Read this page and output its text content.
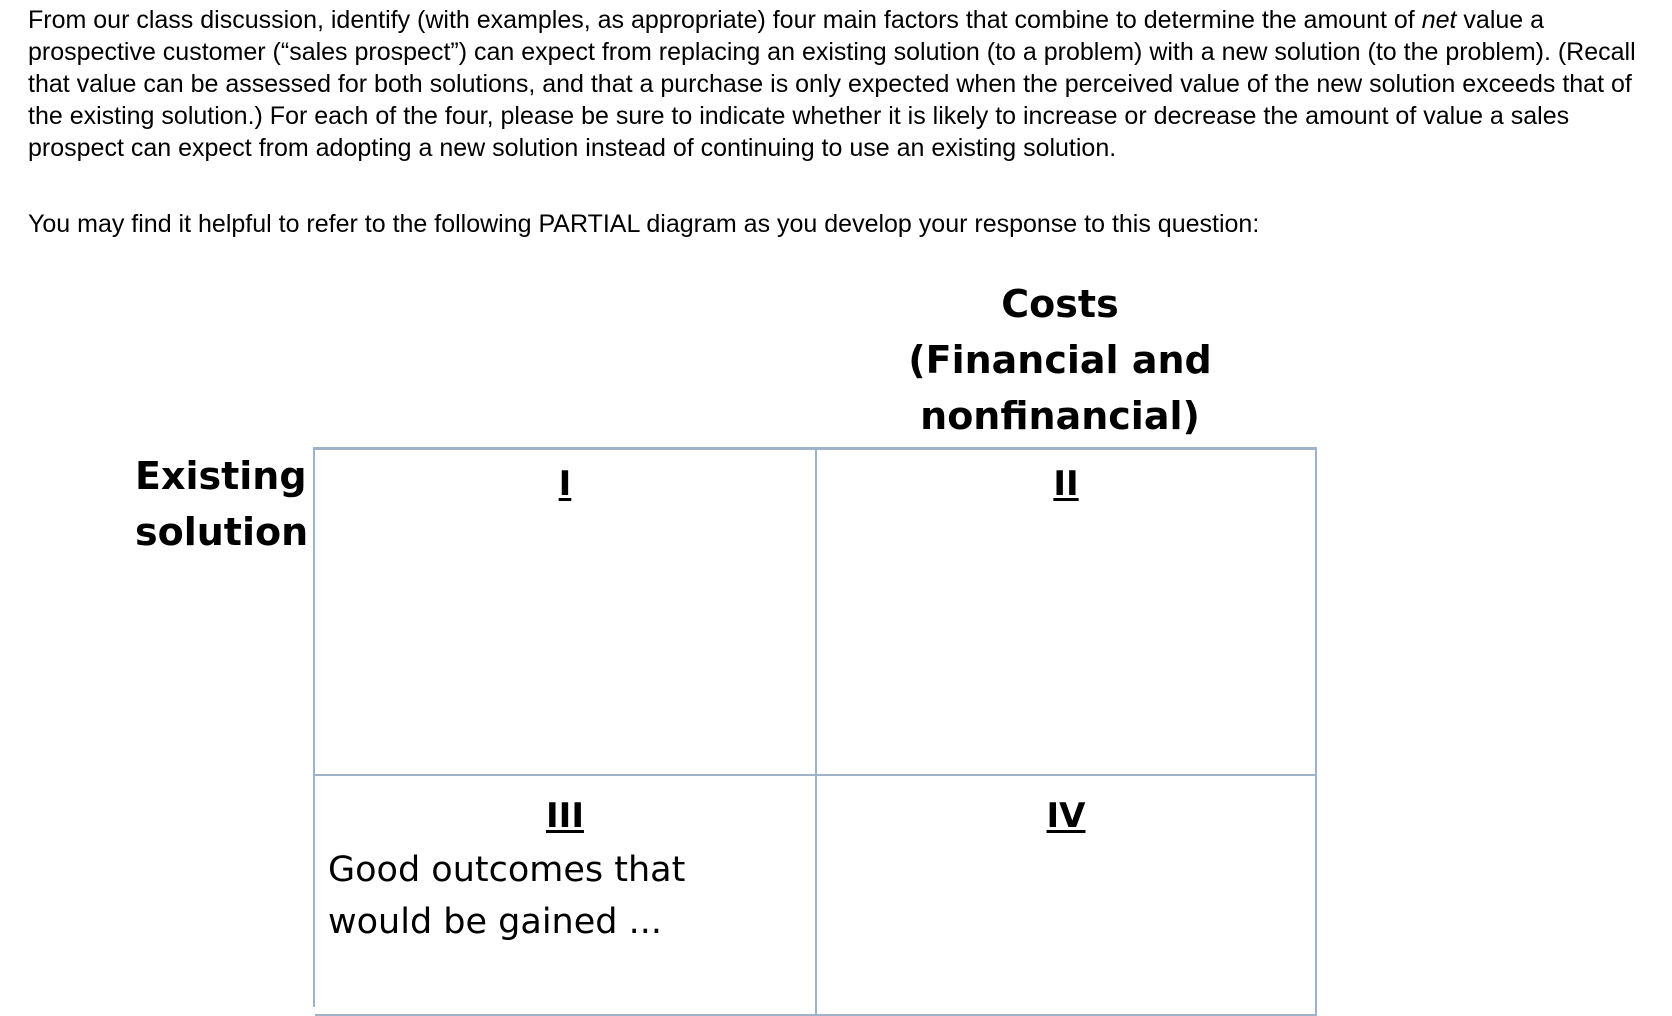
From our class discussion, identify (with examples, as appropriate) four main factors that combine to determine the amount of net value a prospective customer (“sales prospect”) can expect from replacing an existing solution (to a problem) with a new solution (to the problem). (Recall that value can be assessed for both solutions, and that a purchase is only expected when the perceived value of the new solution exceeds that of the existing solution.) For each of the four, please be sure to indicate whether it is likely to increase or decrease the amount of value a sales prospect can expect from adopting a new solution instead of continuing to use an existing solution.

You may find it helpful to refer to the following PARTIAL diagram as you develop your response to this question:

Costs
(Financial and
nonfinancial)
Existing
solution
I	II
III
Good outcomes that
would be gained ...
IV
